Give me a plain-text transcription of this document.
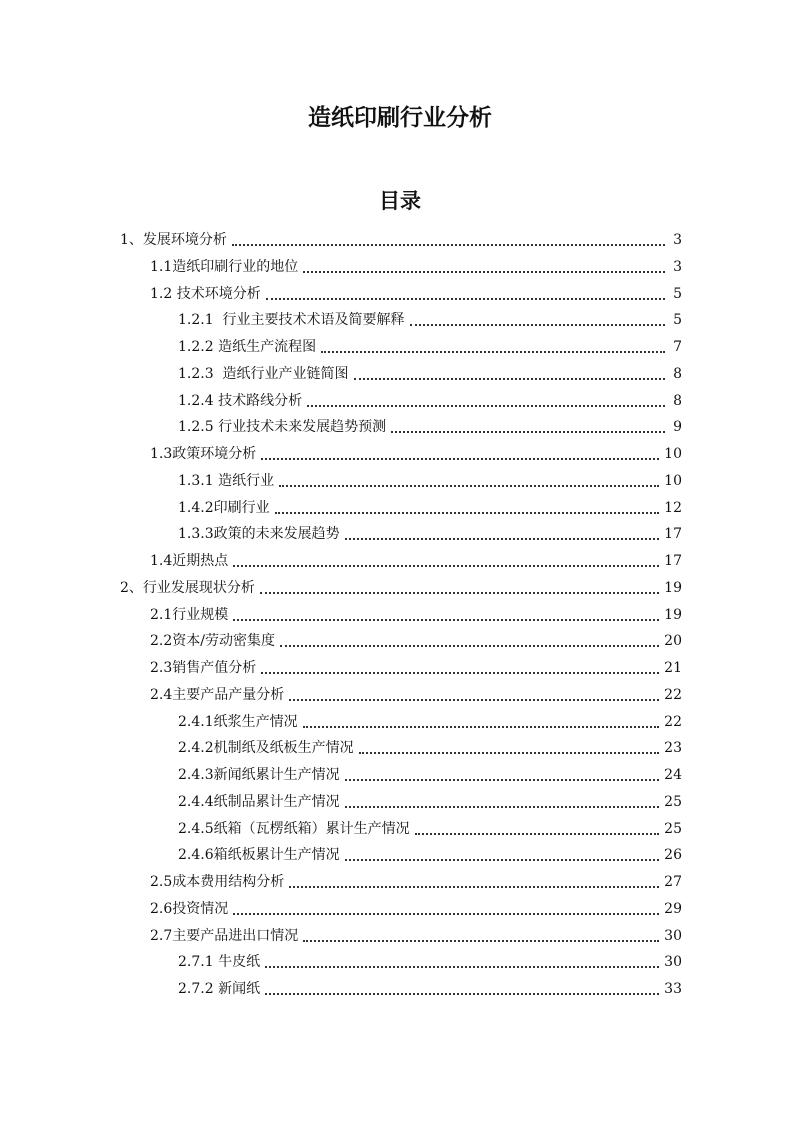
造纸印刷行业分析
目录
1、发展环境分析	3
1.1造纸印刷行业的地位	3
1.2 技术环境分析	5
1.2.1  行业主要技术术语及简要解释	5
1.2.2 造纸生产流程图	7
1.2.3  造纸行业产业链简图	8
1.2.4 技术路线分析	8
1.2.5 行业技术未来发展趋势预测	9
1.3政策环境分析	10
1.3.1 造纸行业	10
1.4.2印刷行业	12
1.3.3政策的未来发展趋势	17
1.4近期热点	17
2、行业发展现状分析	19
2.1行业规模	19
2.2资本/劳动密集度	20
2.3销售产值分析	21
2.4主要产品产量分析	22
2.4.1纸浆生产情况	22
2.4.2机制纸及纸板生产情况	23
2.4.3新闻纸累计生产情况	24
2.4.4纸制品累计生产情况	25
2.4.5纸箱（瓦楞纸箱）累计生产情况	25
2.4.6箱纸板累计生产情况	26
2.5成本费用结构分析	27
2.6投资情况	29
2.7主要产品进出口情况	30
2.7.1 牛皮纸	30
2.7.2 新闻纸	33
